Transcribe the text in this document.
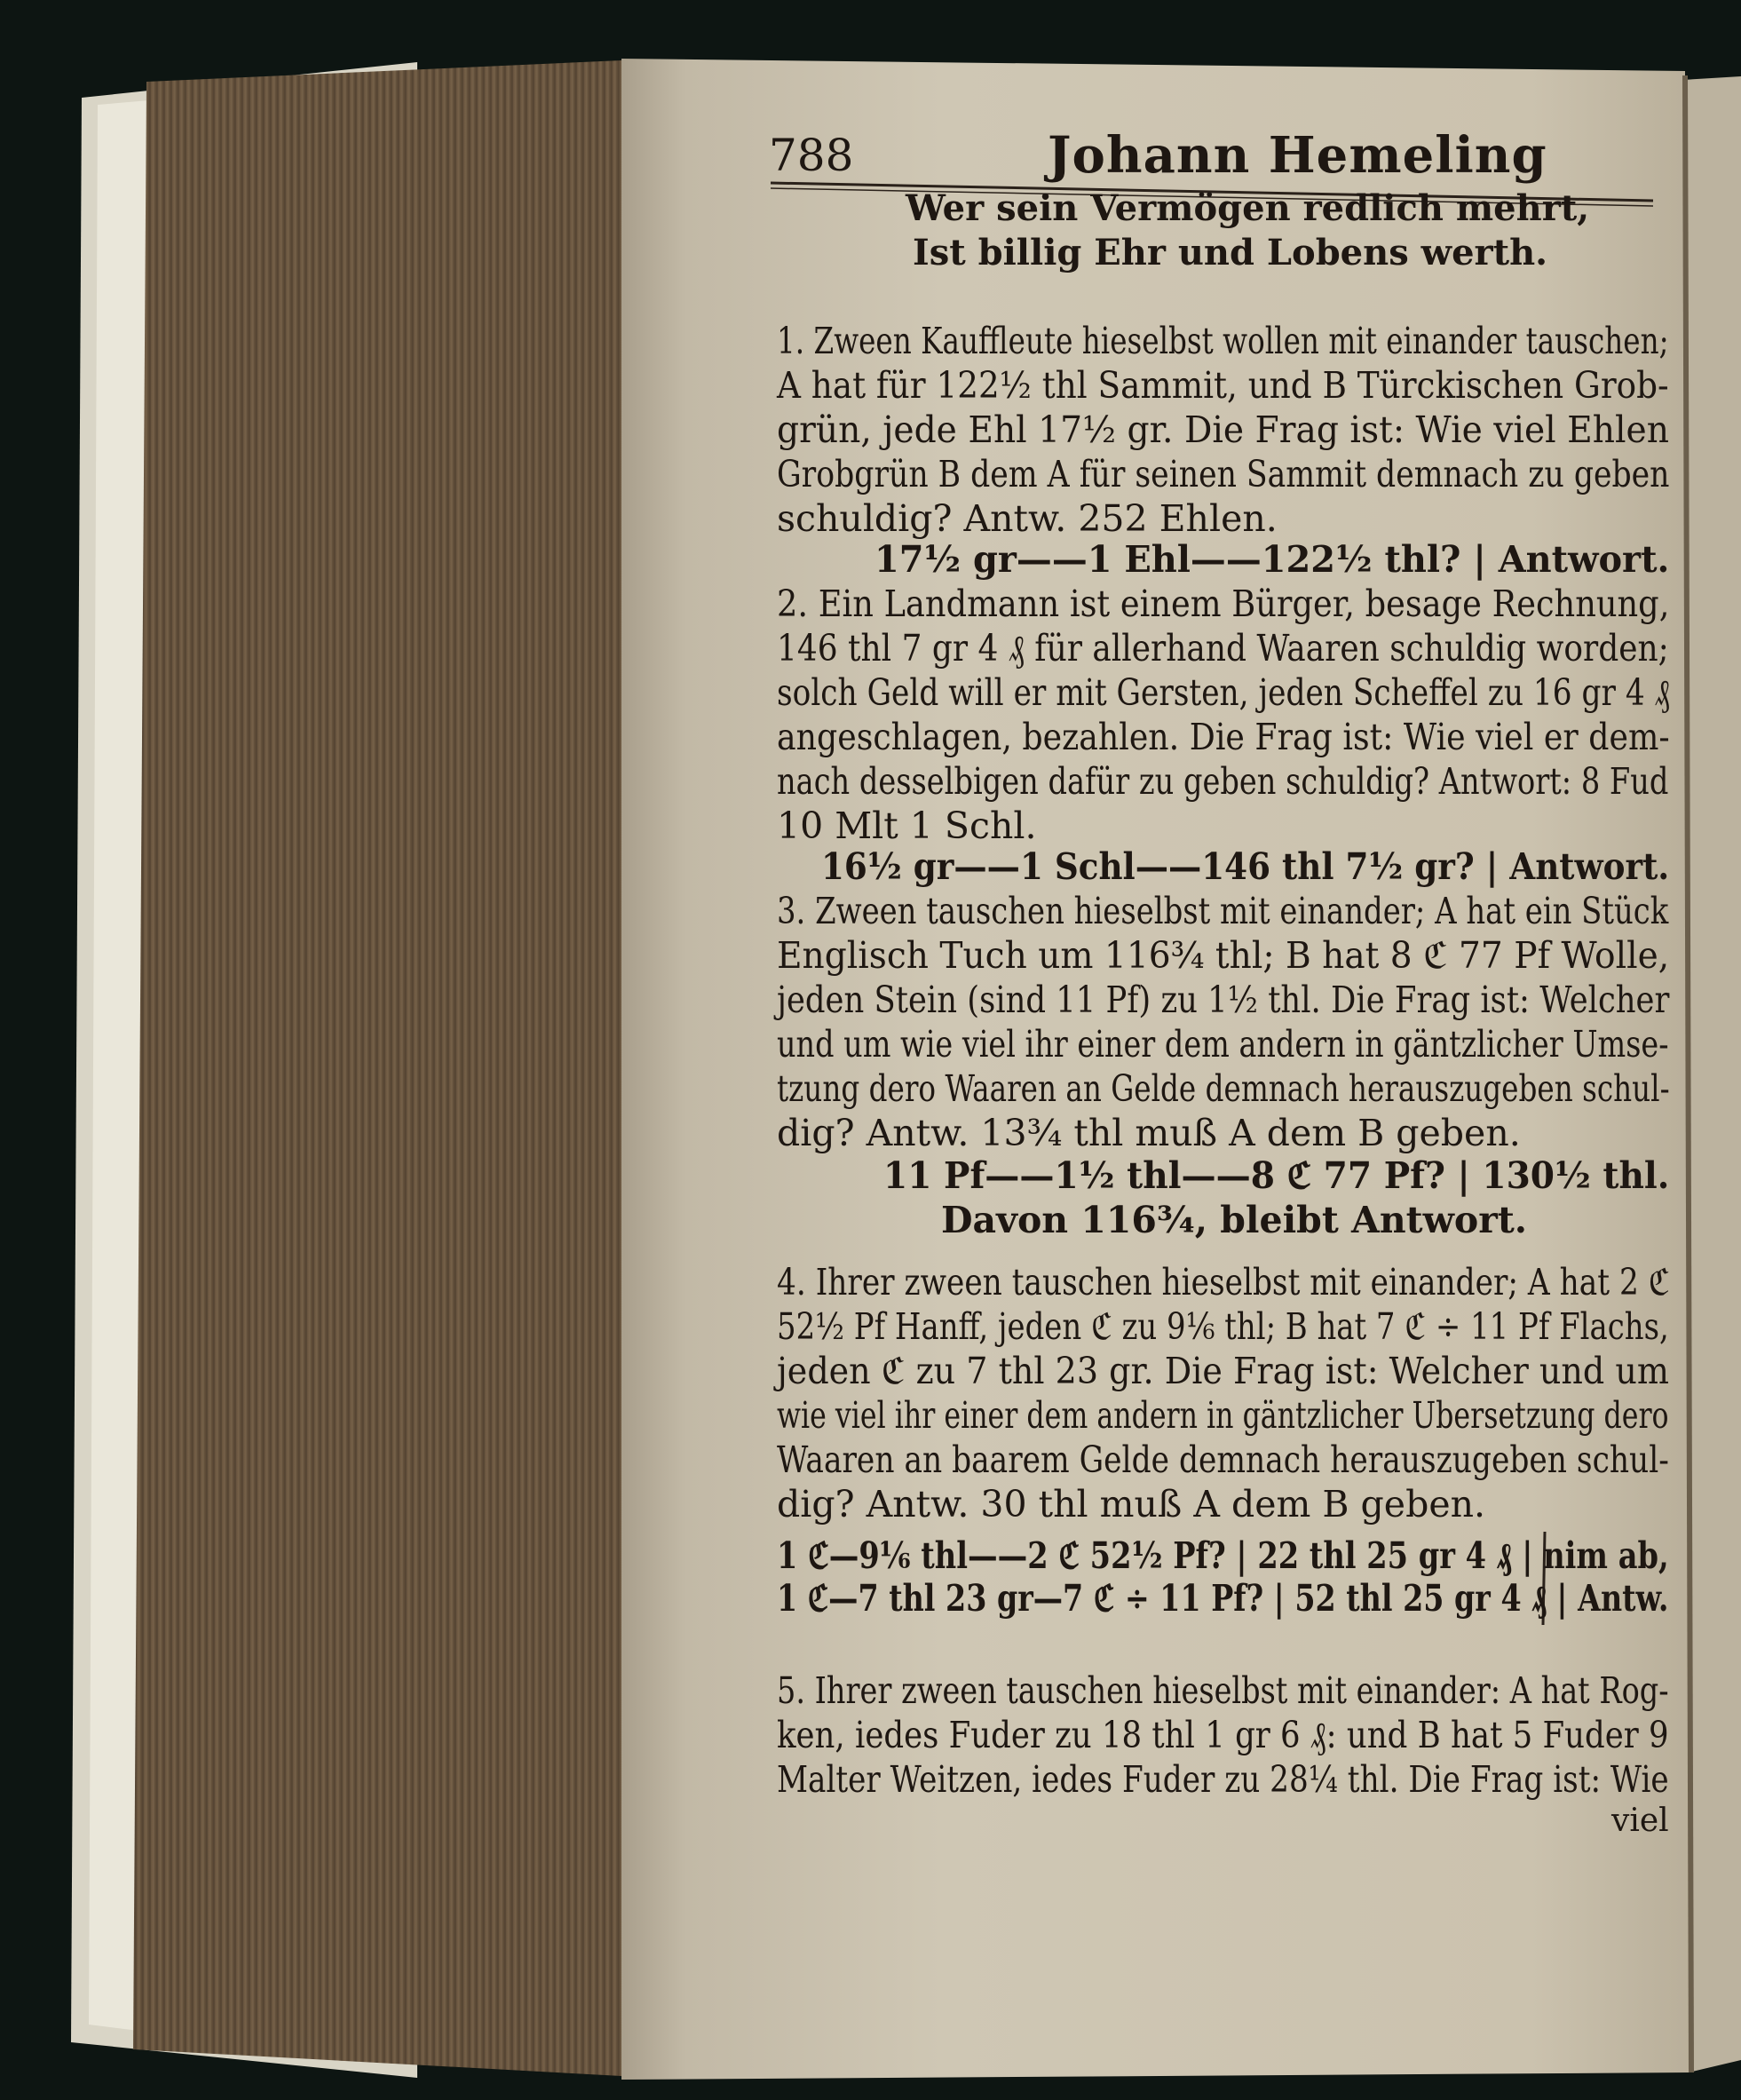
788	Johann Hemeling
Wer sein Vermögen redlich mehrt,
Ist billig Ehr und Lobens werth.
1. Zween Kauffleute hieselbst wollen mit einander tauschen;
A hat für 122½ thl Sammit, und B Türckischen Grob-
grün, jede Ehl 17½ gr. Die Frag ist: Wie viel Ehlen
Grobgrün B dem A für seinen Sammit demnach zu geben
schuldig? Antw. 252 Ehlen.
17½ gr——1 Ehl——122½ thl? | Antwort.
2. Ein Landmann ist einem Bürger, besage Rechnung,
146 thl 7 gr 4 ₰ für allerhand Waaren schuldig worden;
solch Geld will er mit Gersten, jeden Scheffel zu 16 gr 4 ₰
angeschlagen, bezahlen. Die Frag ist: Wie viel er dem-
nach desselbigen dafür zu geben schuldig? Antwort: 8 Fud
10 Mlt 1 Schl.
16½ gr——1 Schl——146 thl 7½ gr? | Antwort.
3. Zween tauschen hieselbst mit einander; A hat ein Stück
Englisch Tuch um 116¾ thl; B hat 8 ℭ 77 Pf Wolle,
jeden Stein (sind 11 Pf) zu 1½ thl. Die Frag ist: Welcher
und um wie viel ihr einer dem andern in gäntzlicher Umse-
tzung dero Waaren an Gelde demnach herauszugeben schul-
dig? Antw. 13¾ thl muß A dem B geben.
11 Pf——1½ thl——8 ℭ 77 Pf? | 130½ thl.
Davon 116¾, bleibt Antwort.
4. Ihrer zween tauschen hieselbst mit einander; A hat 2 ℭ
52½ Pf Hanff, jeden ℭ zu 9⅙ thl; B hat 7 ℭ ÷ 11 Pf Flachs,
jeden ℭ zu 7 thl 23 gr. Die Frag ist: Welcher und um
wie viel ihr einer dem andern in gäntzlicher Ubersetzung dero
Waaren an baarem Gelde demnach herauszugeben schul-
dig? Antw. 30 thl muß A dem B geben.
1 ℭ—9⅙ thl——2 ℭ 52½ Pf? | 22 thl 25 gr 4 ₰ | nim ab,
1 ℭ—7 thl 23 gr—7 ℭ ÷ 11 Pf? | 52 thl 25 gr 4 ₰ | Antw.
5. Ihrer zween tauschen hieselbst mit einander: A hat Rog-
ken, iedes Fuder zu 18 thl 1 gr 6 ₰: und B hat 5 Fuder 9
Malter Weitzen, iedes Fuder zu 28¼ thl. Die Frag ist: Wie
viel
